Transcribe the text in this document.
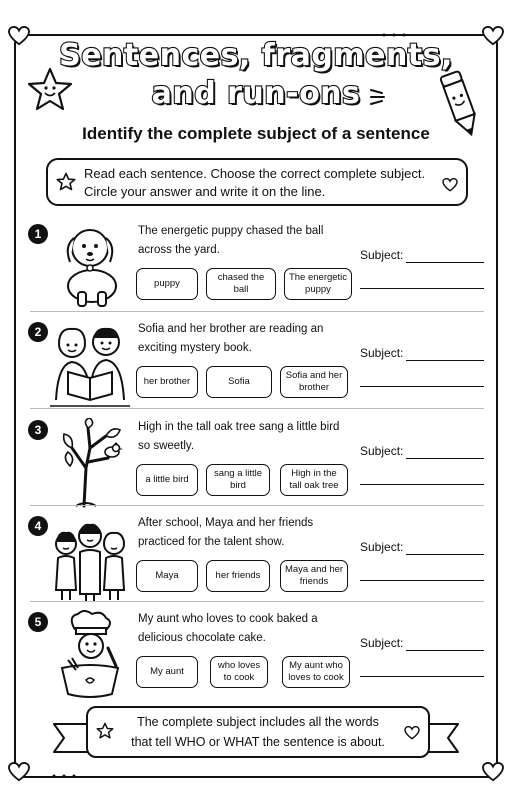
Sentences, fragments,
and run-ons
Identify the complete subject of a sentence
Read each sentence. Choose the correct complete subject.
Circle your answer and write it on the line.
1	The energetic puppy chased the ball
across the yard.
puppy
chased the ball
The energetic puppy
Subject:
2	Sofia and her brother are reading an
exciting mystery book.
her brother	Sofia
Sofia and her brother
Subject:
3	High in the tall oak tree sang a little bird
so sweetly.
a little bird
sang a little bird
High in the tall oak tree
Subject:
4	After school, Maya and her friends
practiced for the talent show.
Maya	her friends
Maya and her friends
Subject:
5	My aunt who loves to cook baked a
delicious chocolate cake.
My aunt
who loves to cook
My aunt who loves to cook
Subject:
The complete subject includes all the words
that tell WHO or WHAT the sentence is about.
